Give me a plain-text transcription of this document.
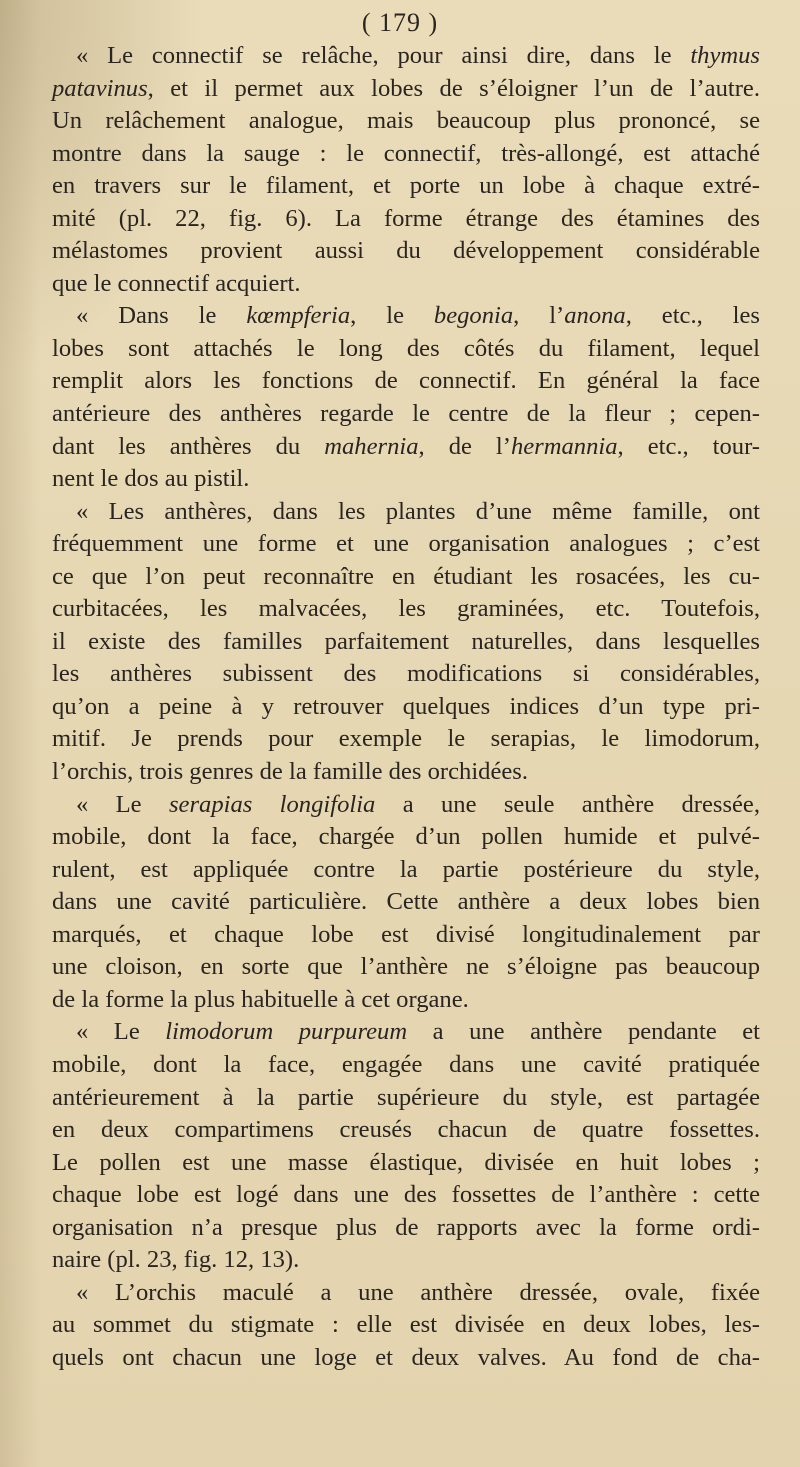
( 179 )
« Le connectif se relâche, pour ainsi dire, dans le thymus
patavinus, et il permet aux lobes de s’éloigner l’un de l’autre.
Un relâchement analogue, mais beaucoup plus prononcé, se
montre dans la sauge : le connectif, très-allongé, est attaché
en travers sur le filament, et porte un lobe à chaque extré-
mité (pl. 22, fig. 6). La forme étrange des étamines des
mélastomes provient aussi du développement considérable
que le connectif acquiert.
« Dans le kœmpferia, le begonia, l’anona, etc., les
lobes sont attachés le long des côtés du filament, lequel
remplit alors les fonctions de connectif. En général la face
antérieure des anthères regarde le centre de la fleur ; cepen-
dant les anthères du mahernia, de l’hermannia, etc., tour-
nent le dos au pistil.
« Les anthères, dans les plantes d’une même famille, ont
fréquemment une forme et une organisation analogues ; c’est
ce que l’on peut reconnaître en étudiant les rosacées, les cu-
curbitacées, les malvacées, les graminées, etc. Toutefois,
il existe des familles parfaitement naturelles, dans lesquelles
les anthères subissent des modifications si considérables,
qu’on a peine à y retrouver quelques indices d’un type pri-
mitif. Je prends pour exemple le serapias, le limodorum,
l’orchis, trois genres de la famille des orchidées.
« Le serapias longifolia a une seule anthère dressée,
mobile, dont la face, chargée d’un pollen humide et pulvé-
rulent, est appliquée contre la partie postérieure du style,
dans une cavité particulière. Cette anthère a deux lobes bien
marqués, et chaque lobe est divisé longitudinalement par
une cloison, en sorte que l’anthère ne s’éloigne pas beaucoup
de la forme la plus habituelle à cet organe.
« Le limodorum purpureum a une anthère pendante et
mobile, dont la face, engagée dans une cavité pratiquée
antérieurement à la partie supérieure du style, est partagée
en deux compartimens creusés chacun de quatre fossettes.
Le pollen est une masse élastique, divisée en huit lobes ;
chaque lobe est logé dans une des fossettes de l’anthère : cette
organisation n’a presque plus de rapports avec la forme ordi-
naire (pl. 23, fig. 12, 13).
« L’orchis maculé a une anthère dressée, ovale, fixée
au sommet du stigmate : elle est divisée en deux lobes, les-
quels ont chacun une loge et deux valves. Au fond de cha-
